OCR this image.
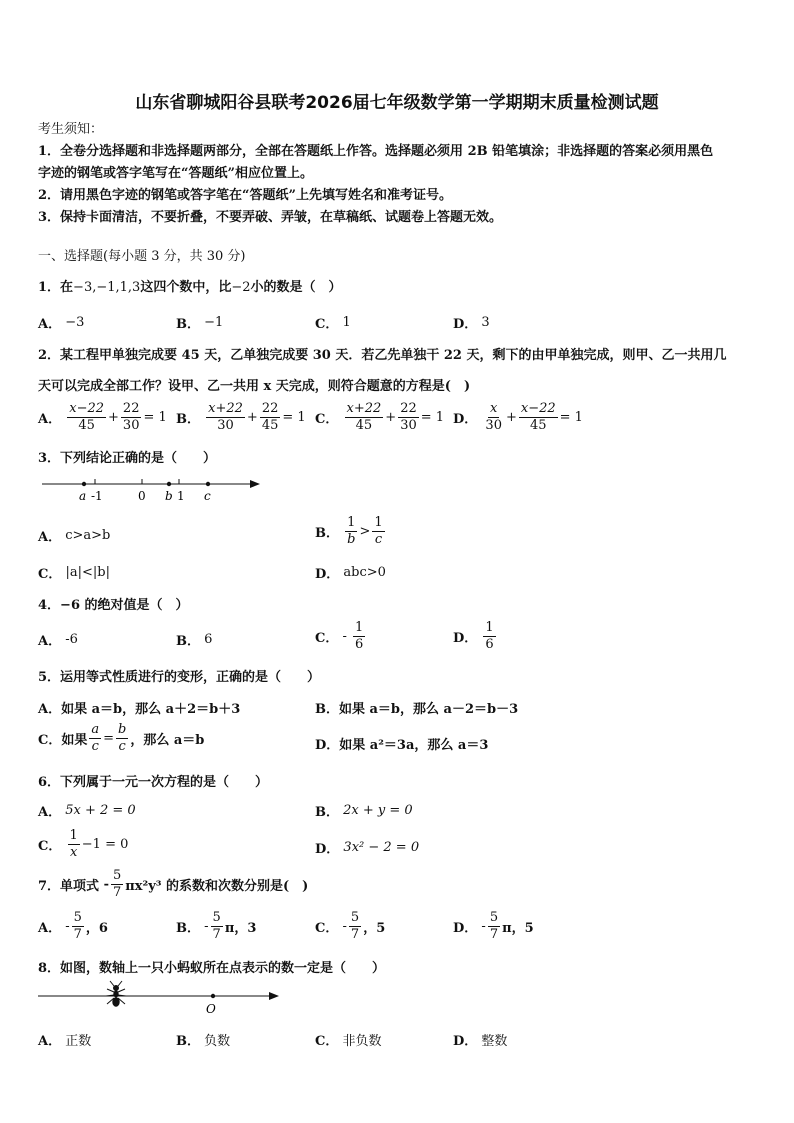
山东省聊城阳谷县联考2026届七年级数学第一学期期末质量检测试题
考生须知：
1．全卷分选择题和非选择题两部分，全部在答题纸上作答。选择题必须用 2B 铅笔填涂；非选择题的答案必须用黑色
字迹的钢笔或答字笔写在“答题纸”相应位置上。
2．请用黑色字迹的钢笔或答字笔在“答题纸”上先填写姓名和准考证号。
3．保持卡面清洁，不要折叠，不要弄破、弄皱，在草稿纸、试题卷上答题无效。
一、选择题(每小题 3 分，共 30 分)
1．在−3,−1,1,3这四个数中，比−2小的数是（　）
A．
−3	B．
−1	C．
1	D．
3
2．某工程甲单独完成要 45 天，乙单独完成要 30 天．若乙先单独干 22 天，剩下的由甲单独完成，则甲、乙一共用几
天可以完成全部工作？设甲、乙一共用 x 天完成，则符合题意的方程是(　)
A．
$\frac{x-22}{45} + \frac{22}{30} = 1$ B．
$\frac{x+22}{30} + \frac{22}{45} = 1$ C．
$\frac{x+22}{45} + \frac{22}{30} = 1$ D．
$\frac{x}{30} + \frac{x-22}{45} = 1$
3．下列结论正确的是（　　）
a -1	0 b 1 c
A．
c>a>b	B．
$\frac{1}{b} > \frac{1}{c}$
C．
|a|<|b|	D．
abc>0
4．−6 的绝对值是（　）
A．
-6	B．
6	C．
-
$\frac{1}{6}$	D．
$\frac{1}{6}$
5．运用等式性质进行的变形，正确的是（　　）
A．如果 a＝b，那么 a＋2＝b＋3	B．如果 a＝b，那么 a－2＝b－3
C．如果 $\frac{a}{c} = \frac{b}{c}$ ，那么 a＝b	D．如果 a²＝3a，那么 a＝3
6．下列属于一元一次方程的是（　　）
A．
5x + 2 = 0	B．
2x + y = 0
C．
$\frac{1}{x} -1 = 0$	D．
3x² − 2 = 0
7．单项式
- $\frac{5}{7} \pi x^2y^3$ 的系数和次数分别是(　)
A．
- $\frac{5}{7}$ ，6	B．
- $\frac{5}{7}$ π，3	C．
- $\frac{5}{7}$ ，5	D．
- $\frac{5}{7}$ π，5
8．如图，数轴上一只小蚂蚁所在点表示的数一定是（　　）
O
A．
正数	B．
负数	C．
非负数	D．
整数
